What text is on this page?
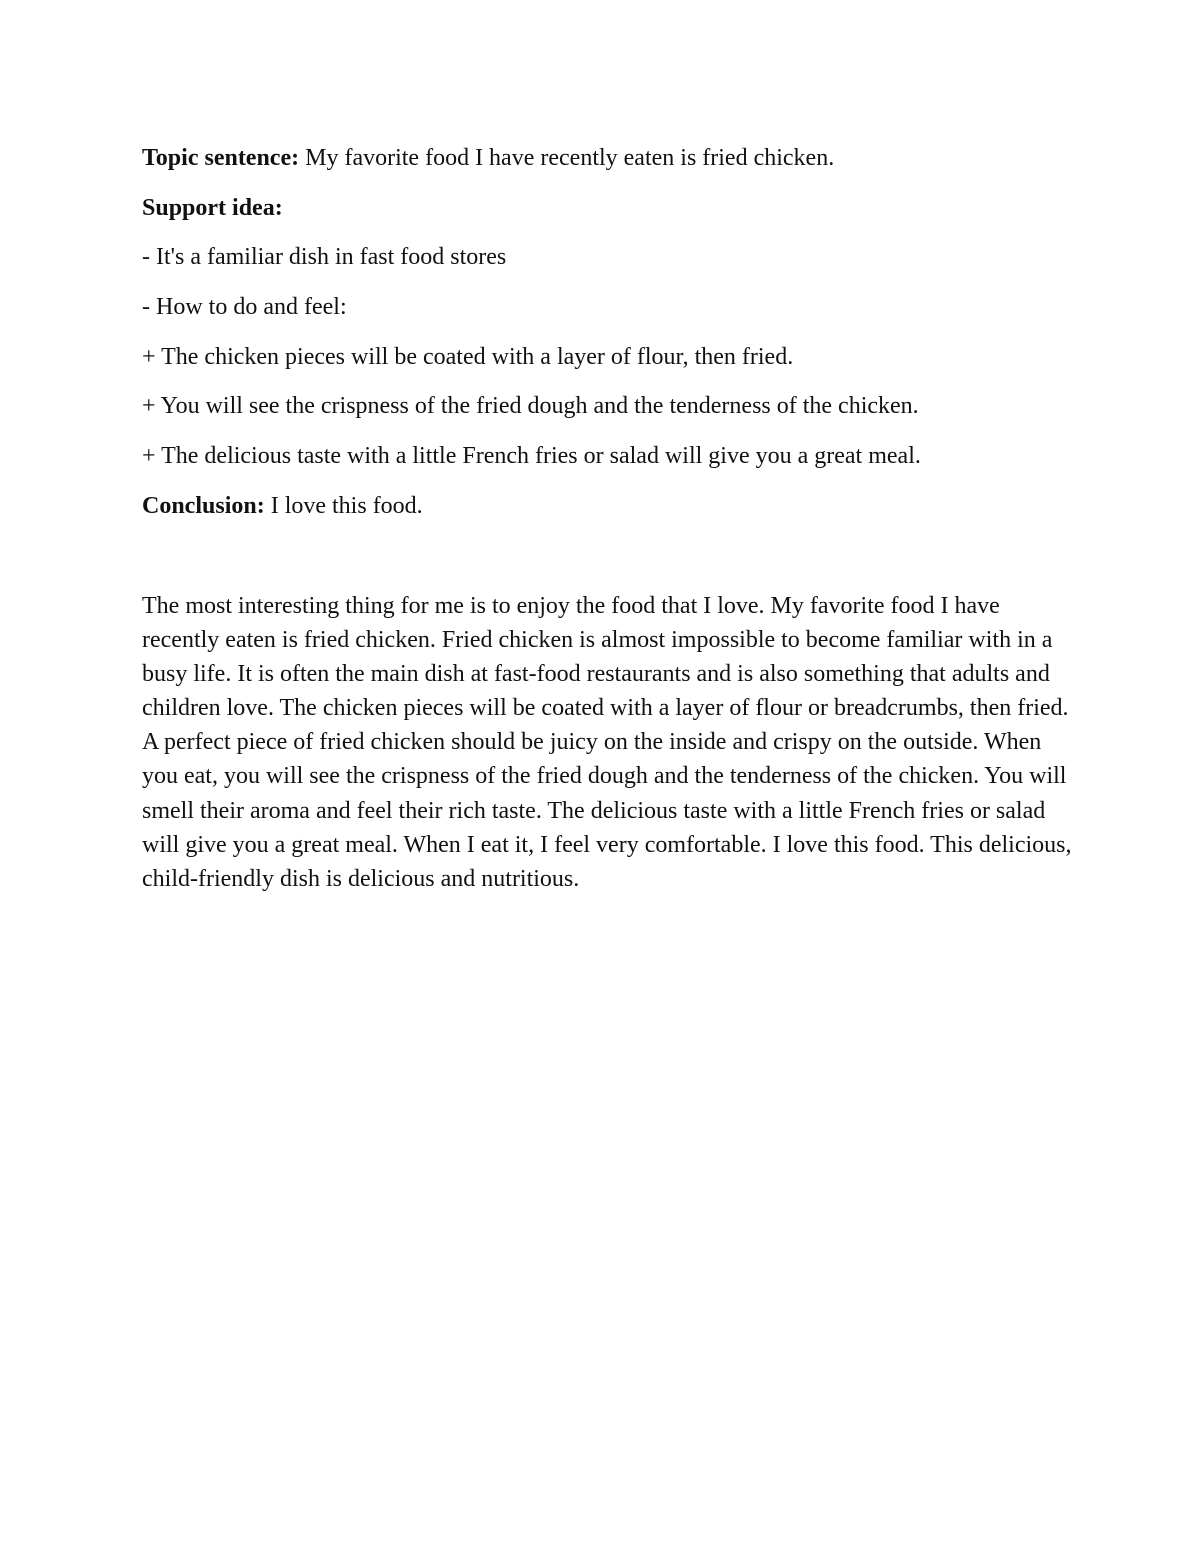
Topic sentence: My favorite food I have recently eaten is fried chicken.
Support idea:
- It's a familiar dish in fast food stores
- How to do and feel:
+ The chicken pieces will be coated with a layer of flour, then fried.
+ You will see the crispness of the fried dough and the tenderness of the chicken.
+ The delicious taste with a little French fries or salad will give you a great meal.
Conclusion: I love this food.

The most interesting thing for me is to enjoy the food that I love. My favorite food I have recently eaten is fried chicken. Fried chicken is almost impossible to become familiar with in a busy life. It is often the main dish at fast-food restaurants and is also something that adults and children love. The chicken pieces will be coated with a layer of flour or breadcrumbs, then fried. A perfect piece of fried chicken should be juicy on the inside and crispy on the outside. When you eat, you will see the crispness of the fried dough and the tenderness of the chicken. You will smell their aroma and feel their rich taste. The delicious taste with a little French fries or salad will give you a great meal. When I eat it, I feel very comfortable. I love this food. This delicious, child-friendly dish is delicious and nutritious.
